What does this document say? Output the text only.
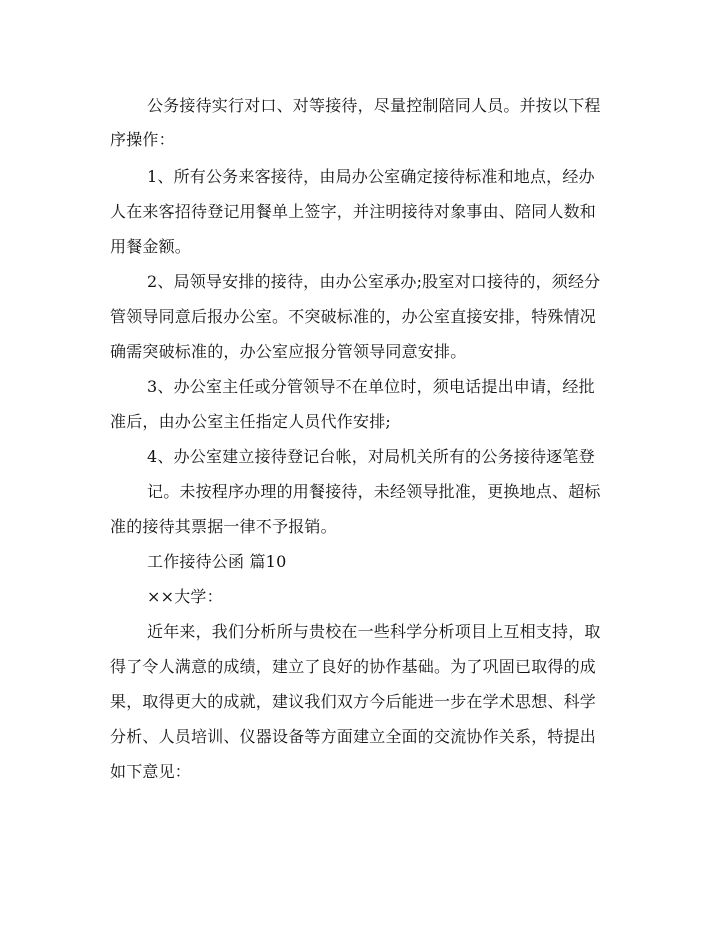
公务接待实行对口、对等接待，尽量控制陪同人员。并按以下程
序操作：
1、所有公务来客接待，由局办公室确定接待标准和地点，经办
人在来客招待登记用餐单上签字，并注明接待对象事由、陪同人数和
用餐金额。
2、局领导安排的接待，由办公室承办;股室对口接待的，须经分
管领导同意后报办公室。不突破标准的，办公室直接安排，特殊情况
确需突破标准的，办公室应报分管领导同意安排。
3、办公室主任或分管领导不在单位时，须电话提出申请，经批
准后，由办公室主任指定人员代作安排;
4、办公室建立接待登记台帐，对局机关所有的公务接待逐笔登
记。未按程序办理的用餐接待，未经领导批准，更换地点、超标
准的接待其票据一律不予报销。
工作接待公函 篇10
××大学：
近年来，我们分析所与贵校在一些科学分析项目上互相支持，取
得了令人满意的成绩，建立了良好的协作基础。为了巩固已取得的成
果，取得更大的成就，建议我们双方今后能进一步在学术思想、科学
分析、人员培训、仪器设备等方面建立全面的交流协作关系，特提出
如下意见：
